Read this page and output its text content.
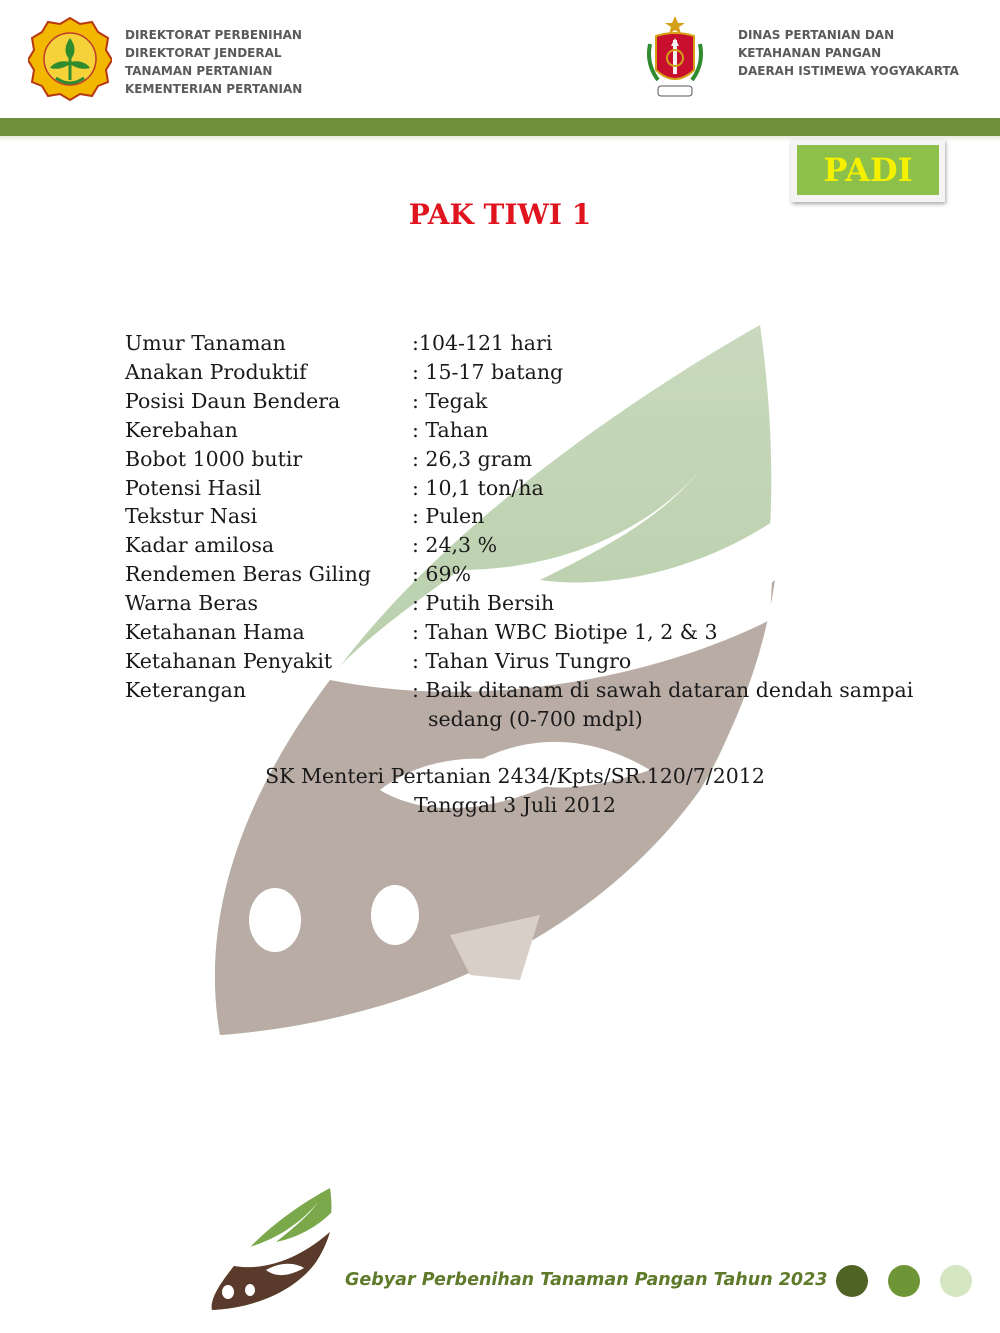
DIREKTORAT PERBENIHAN
DIREKTORAT JENDERAL
TANAMAN PERTANIAN
KEMENTERIAN PERTANIAN
DINAS PERTANIAN DAN
KETAHANAN PANGAN
DAERAH ISTIMEWA YOGYAKARTA
PADI
PAK TIWI 1
Umur Tanaman	:104-121 hari
Anakan Produktif	: 15-17 batang
Posisi Daun Bendera	: Tegak
Kerebahan	: Tahan
Bobot 1000 butir	: 26,3 gram
Potensi Hasil	: 10,1 ton/ha
Tekstur Nasi	: Pulen
Kadar amilosa	: 24,3 %
Rendemen Beras Giling	: 69%
Warna Beras	: Putih Bersih
Ketahanan Hama	: Tahan WBC Biotipe 1, 2 & 3
Ketahanan Penyakit	: Tahan Virus Tungro
Keterangan	: Baik ditanam di sawah dataran dendah sampai
sedang (0-700 mdpl)
SK Menteri Pertanian 2434/Kpts/SR.120/7/2012
Tanggal 3 Juli 2012
Gebyar Perbenihan Tanaman Pangan Tahun 2023
